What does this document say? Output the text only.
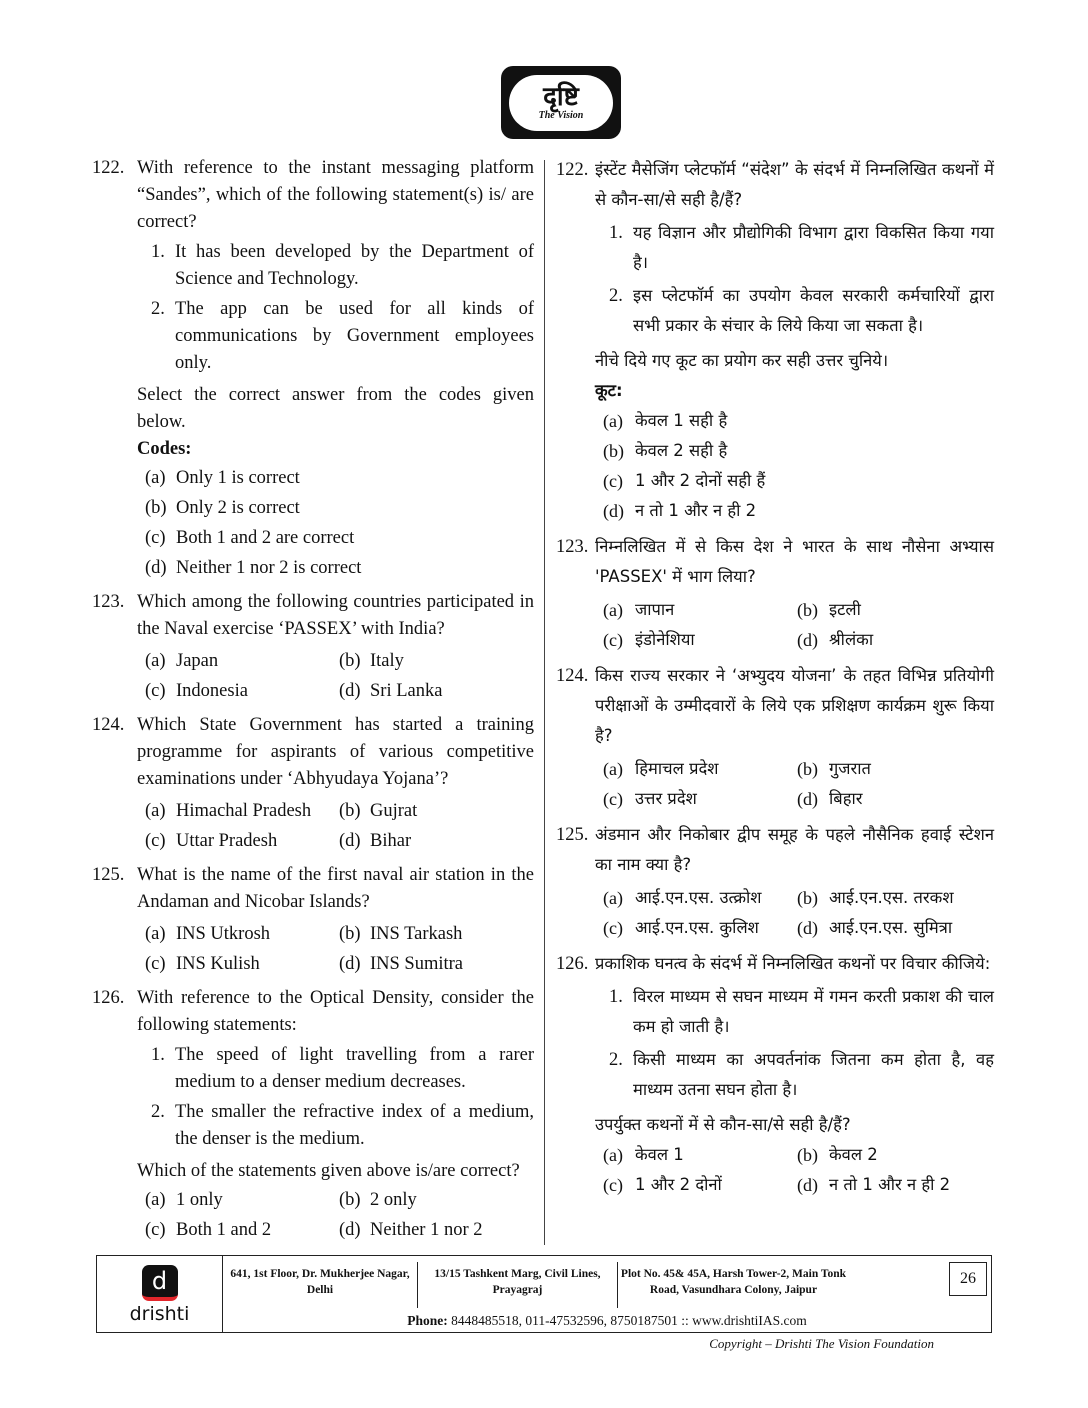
दृष्टि
The Vision
122. With reference to the instant messaging platform “Sandes”, which of the following statement(s) is/ are correct?
1. It has been developed by the Department of Science and Technology.
2. The app can be used for all kinds of communications by Government employees only.
Select the correct answer from the codes given below.
Codes:
(a) Only 1 is correct
(b) Only 2 is correct
(c) Both 1 and 2 are correct
(d) Neither 1 nor 2 is correct
123. Which among the following countries participated in the Naval exercise ‘PASSEX’ with India?
(a) Japan	(b) Italy
(c) Indonesia	(d) Sri Lanka
124. Which State Government has started a training programme for aspirants of various competitive examinations under ‘Abhyudaya Yojana’?
(a) Himachal Pradesh (b) Gujrat
(c) Uttar Pradesh	(d) Bihar
125. What is the name of the first naval air station in the Andaman and Nicobar Islands?
(a) INS Utkrosh	(b) INS Tarkash
(c) INS Kulish	(d) INS Sumitra
126. With reference to the Optical Density, consider the following statements:
1. The speed of light travelling from a rarer medium to a denser medium decreases.
2. The smaller the refractive index of a medium, the denser is the medium.
Which of the statements given above is/are correct?
(a) 1 only	(b) 2 only
(c) Both 1 and 2	(d) Neither 1 nor 2
122. इंस्टेंट मैसेजिंग प्लेटफॉर्म “संदेश” के संदर्भ में निम्नलिखित कथनों में से कौन-सा/से सही है/हैं?
1. यह विज्ञान और प्रौद्योगिकी विभाग द्वारा विकसित किया गया है।
2. इस प्लेटफॉर्म का उपयोग केवल सरकारी कर्मचारियों द्वारा सभी प्रकार के संचार के लिये किया जा सकता है।
नीचे दिये गए कूट का प्रयोग कर सही उत्तर चुनिये।
कूट:
(a) केवल 1 सही है
(b) केवल 2 सही है
(c) 1 और 2 दोनों सही हैं
(d) न तो 1 और न ही 2
123. निम्नलिखित में से किस देश ने भारत के साथ नौसेना अभ्यास 'PASSEX' में भाग लिया?
(a) जापान	(b) इटली
(c) इंडोनेशिया	(d) श्रीलंका
124. किस राज्य सरकार ने ‘अभ्युदय योजना’ के तहत विभिन्न प्रतियोगी परीक्षाओं के उम्मीदवारों के लिये एक प्रशिक्षण कार्यक्रम शुरू किया है?
(a) हिमाचल प्रदेश	(b) गुजरात
(c) उत्तर प्रदेश	(d) बिहार
125. अंडमान और निकोबार द्वीप समूह के पहले नौसैनिक हवाई स्टेशन का नाम क्या है?
(a) आई.एन.एस. उत्क्रोश (b) आई.एन.एस. तरकश
(c) आई.एन.एस. कुलिश (d) आई.एन.एस. सुमित्रा
126. प्रकाशिक घनत्व के संदर्भ में निम्नलिखित कथनों पर विचार कीजिये:
1. विरल माध्यम से सघन माध्यम में गमन करती प्रकाश की चाल कम हो जाती है।
2. किसी माध्यम का अपवर्तनांक जितना कम होता है, वह माध्यम उतना सघन होता है।
उपर्युक्त कथनों में से कौन-सा/से सही है/हैं?
(a) केवल 1	(b) केवल 2
(c) 1 और 2 दोनों	(d) न तो 1 और न ही 2
d
drishti
641, 1st Floor, Dr. Mukherjee Nagar, Delhi
13/15 Tashkent Marg, Civil Lines, Prayagraj
Plot No. 45& 45A, Harsh Tower-2, Main Tonk Road, Vasundhara Colony, Jaipur
26
Phone: 8448485518, 011-47532596, 8750187501 :: www.drishtiIAS.com
Copyright – Drishti The Vision Foundation
